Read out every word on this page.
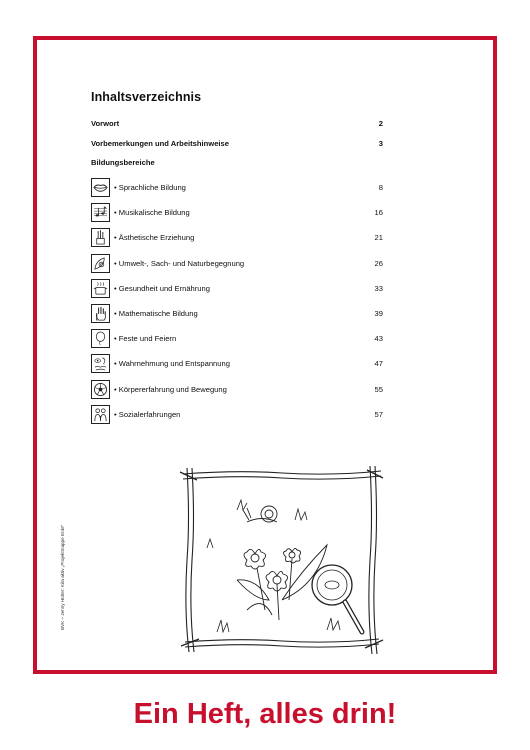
Inhaltsverzeichnis
Vorwort	2
Vorbemerkungen und Arbeitshinweise	3
Bildungsbereiche
• Sprachliche Bildung	8
• Musikalische Bildung	16
• Ästhetische Erziehung	21
• Umwelt-, Sach- und Naturbegegnung	26
• Gesundheit und Ernährung	33
• Mathematische Bildung	39
• Feste und Feiern	43
• Wahrnehmung und Entspannung	47
• Körpererfahrung und Bewegung	55
• Sozialerfahrungen	57
BVK – Jenny Hütter: Kita aktiv „Projektmappe Erde“
Ein Heft, alles drin!
